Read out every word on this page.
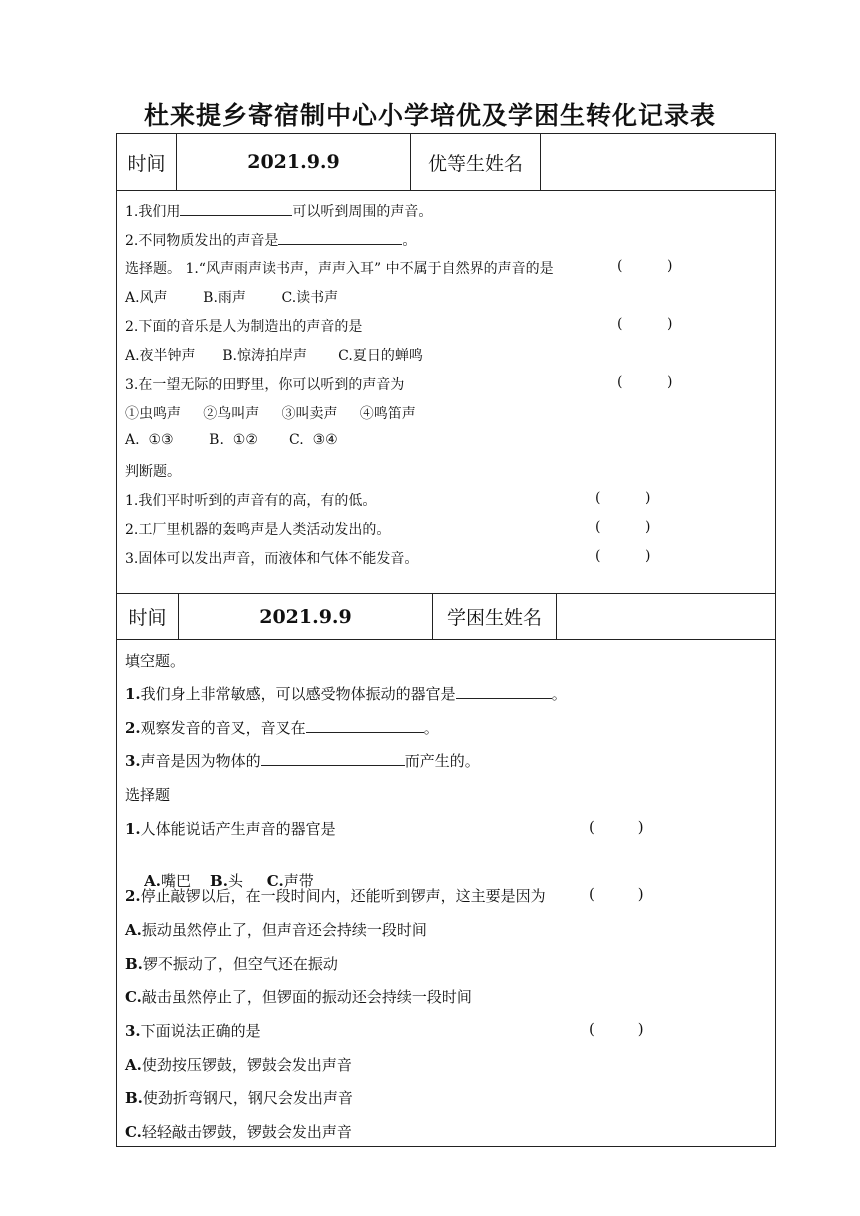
杜来提乡寄宿制中心小学培优及学困生转化记录表
时间	2021.9.9	优等生姓名
1.我们用	可以听到周围的声音。
2.不同物质发出的声音是	。
选择题。 1.“风声雨声读书声，声声入耳” 中不属于自然界的声音的是	(          )
A.风声        B.雨声        C.读书声
2.下面的音乐是人为制造出的声音的是	(          )
A.夜半钟声      B.惊涛拍岸声       C.夏日的蝉鸣
3.在一望无际的田野里，你可以听到的声音为	(          )
①虫鸣声     ②鸟叫声     ③叫卖声     ④鸣笛声
A.  ①③        B.  ①②       C.  ③④
判断题。
1.我们平时听到的声音有的高，有的低。	(          )
2.工厂里机器的轰鸣声是人类活动发出的。	(          )
3.固体可以发出声音，而液体和气体不能发音。	(          )
时间	2021.9.9	学困生姓名
填空题。
1.我们身上非常敏感，可以感受物体振动的器官是	。
2.观察发音的音叉，音叉在	。
3.声音是因为物体的	而产生的。
选择题
1.人体能说话产生声音的器官是	(         )

A.嘴巴    B.头     C.声带

2.停止敲锣以后，在一段时间内，还能听到锣声，这主要是因为	(         )
A.振动虽然停止了，但声音还会持续一段时间
B.锣不振动了，但空气还在振动
C.敲击虽然停止了，但锣面的振动还会持续一段时间
3.下面说法正确的是	(         )
A.使劲按压锣鼓，锣鼓会发出声音
B.使劲折弯钢尺，钢尺会发出声音
C.轻轻敲击锣鼓，锣鼓会发出声音
